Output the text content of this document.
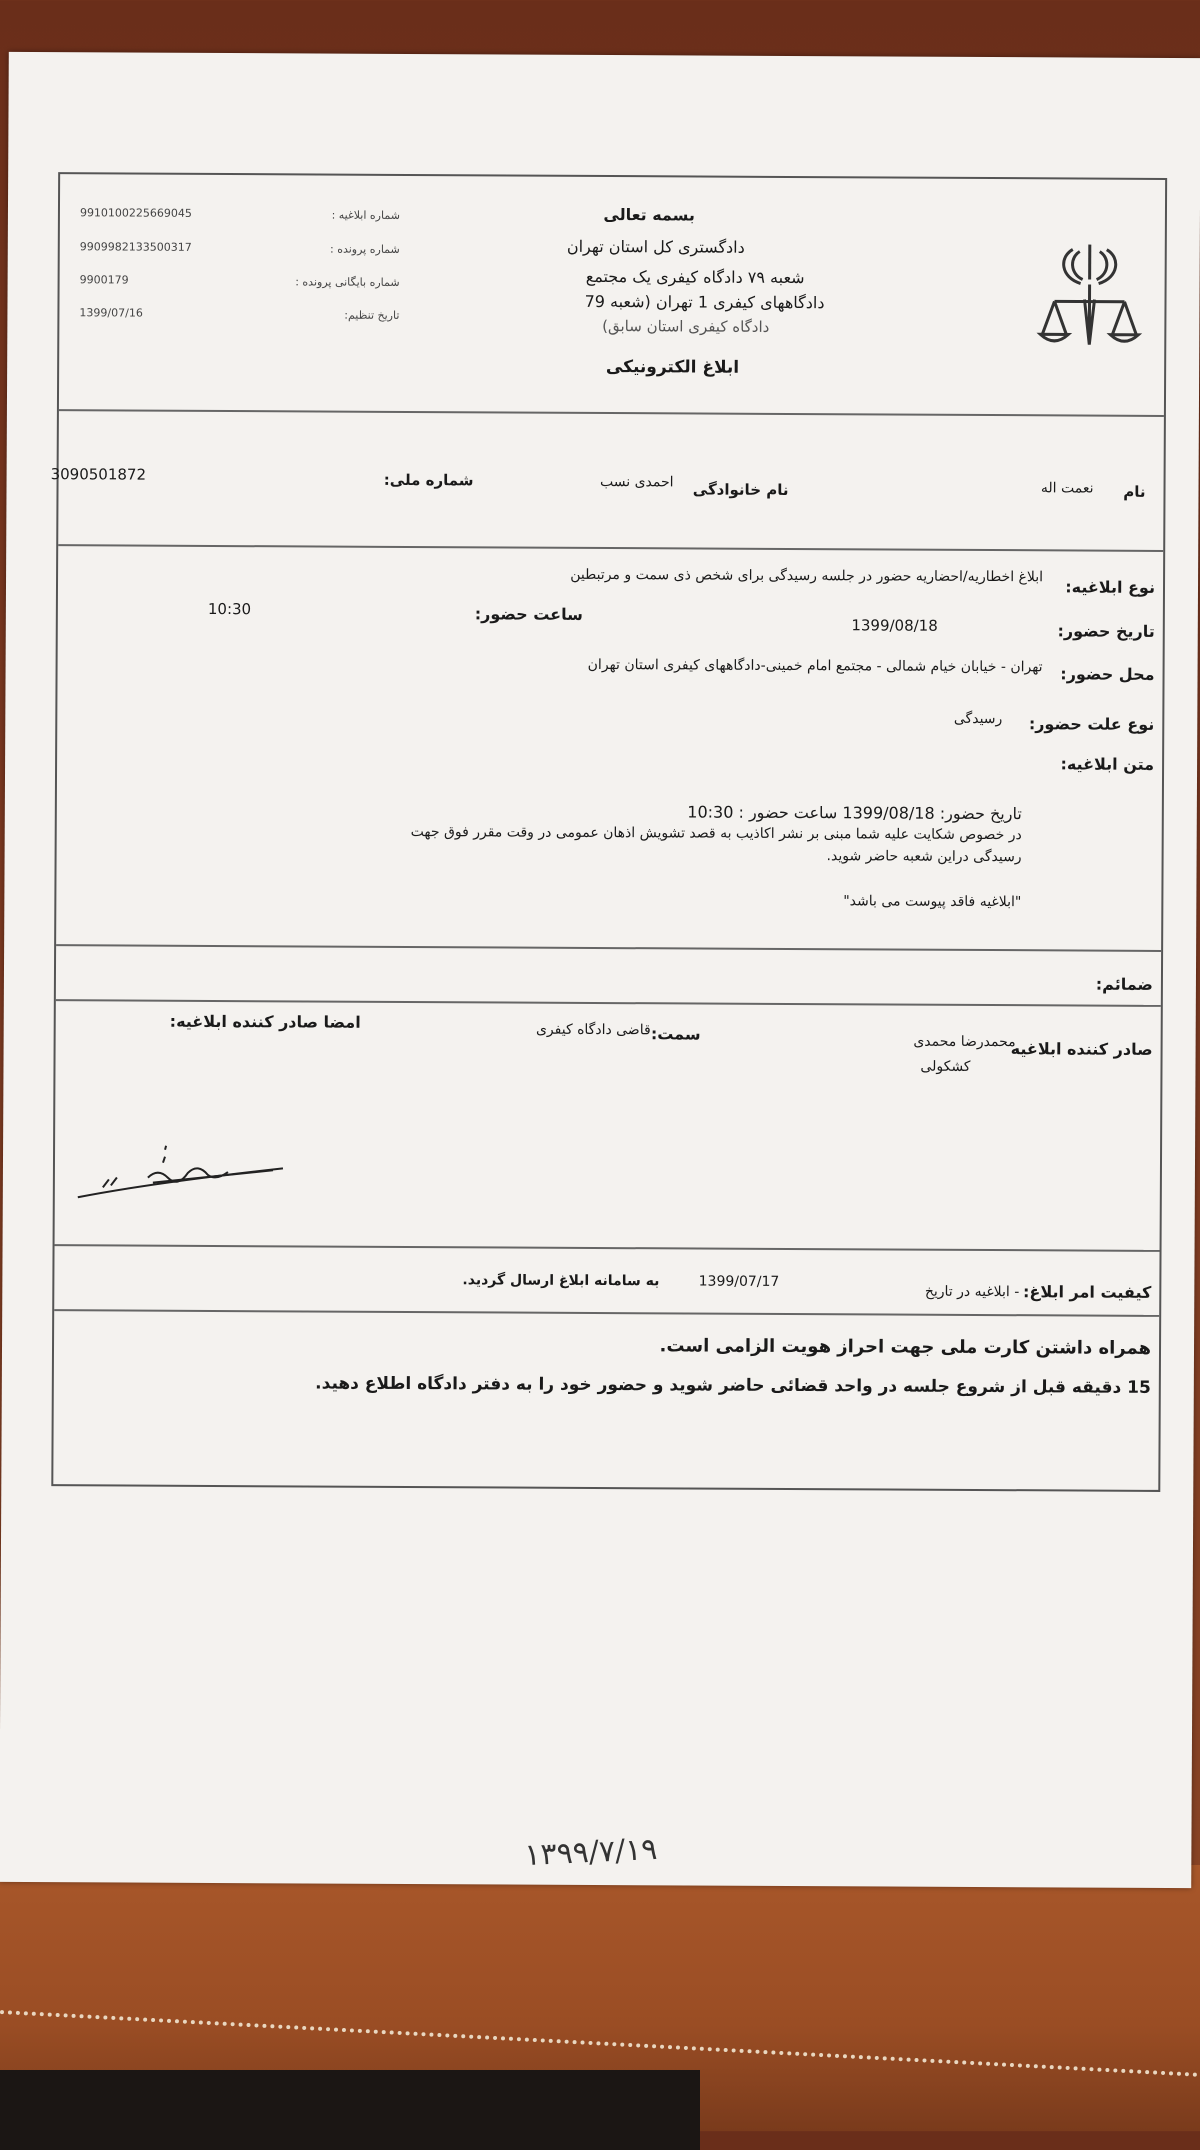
بسمه تعالی
دادگستری کل استان تهران
شعبه ۷۹ دادگاه کیفری یک مجتمع
دادگاههای کیفری 1 تهران (شعبه 79
دادگاه کیفری استان سابق)
ابلاغ الکترونیکی
شماره ابلاغیه :
9910100225669045
شماره پرونده :
9909982133500317
شماره بایگانی پرونده :
9900179
تاریخ تنظیم:
1399/07/16
نام
نعمت اله
نام خانوادگی
احمدی نسب
شماره ملی:
3090501872
نوع ابلاغیه:
ابلاغ اخطاریه/احضاریه حضور در جلسه رسیدگی برای شخص ذی سمت و مرتبطین
تاریخ حضور:
1399/08/18
ساعت حضور:
10:30
محل حضور:
تهران - خیابان خیام شمالی - مجتمع امام خمینی-دادگاههای کیفری استان تهران
نوع علت حضور:
رسیدگی
متن ابلاغیه:
تاریخ حضور: 1399/08/18 ساعت حضور : 10:30
در خصوص شکایت علیه شما مبنی بر نشر اکاذیب به قصد تشویش اذهان عمومی در وقت مقرر فوق جهت
رسیدگی دراین شعبه حاضر شوید.
"ابلاغیه فاقد پیوست می باشد"
ضمائم:
صادر کننده ابلاغیه
محمدرضا محمدی
کشکولی
سمت:
قاضی دادگاه کیفری
امضا صادر کننده ابلاغیه:
کیفیت امر ابلاغ:
- ابلاغیه در تاریخ
1399/07/17
به سامانه ابلاغ ارسال گردید.
همراه داشتن کارت ملی جهت احراز هویت الزامی است.
15 دقیقه قبل از شروع جلسه در واحد قضائی حاضر شوید و حضور خود را به دفتر دادگاه اطلاع دهید.
۱۳۹۹/۷/۱۹
